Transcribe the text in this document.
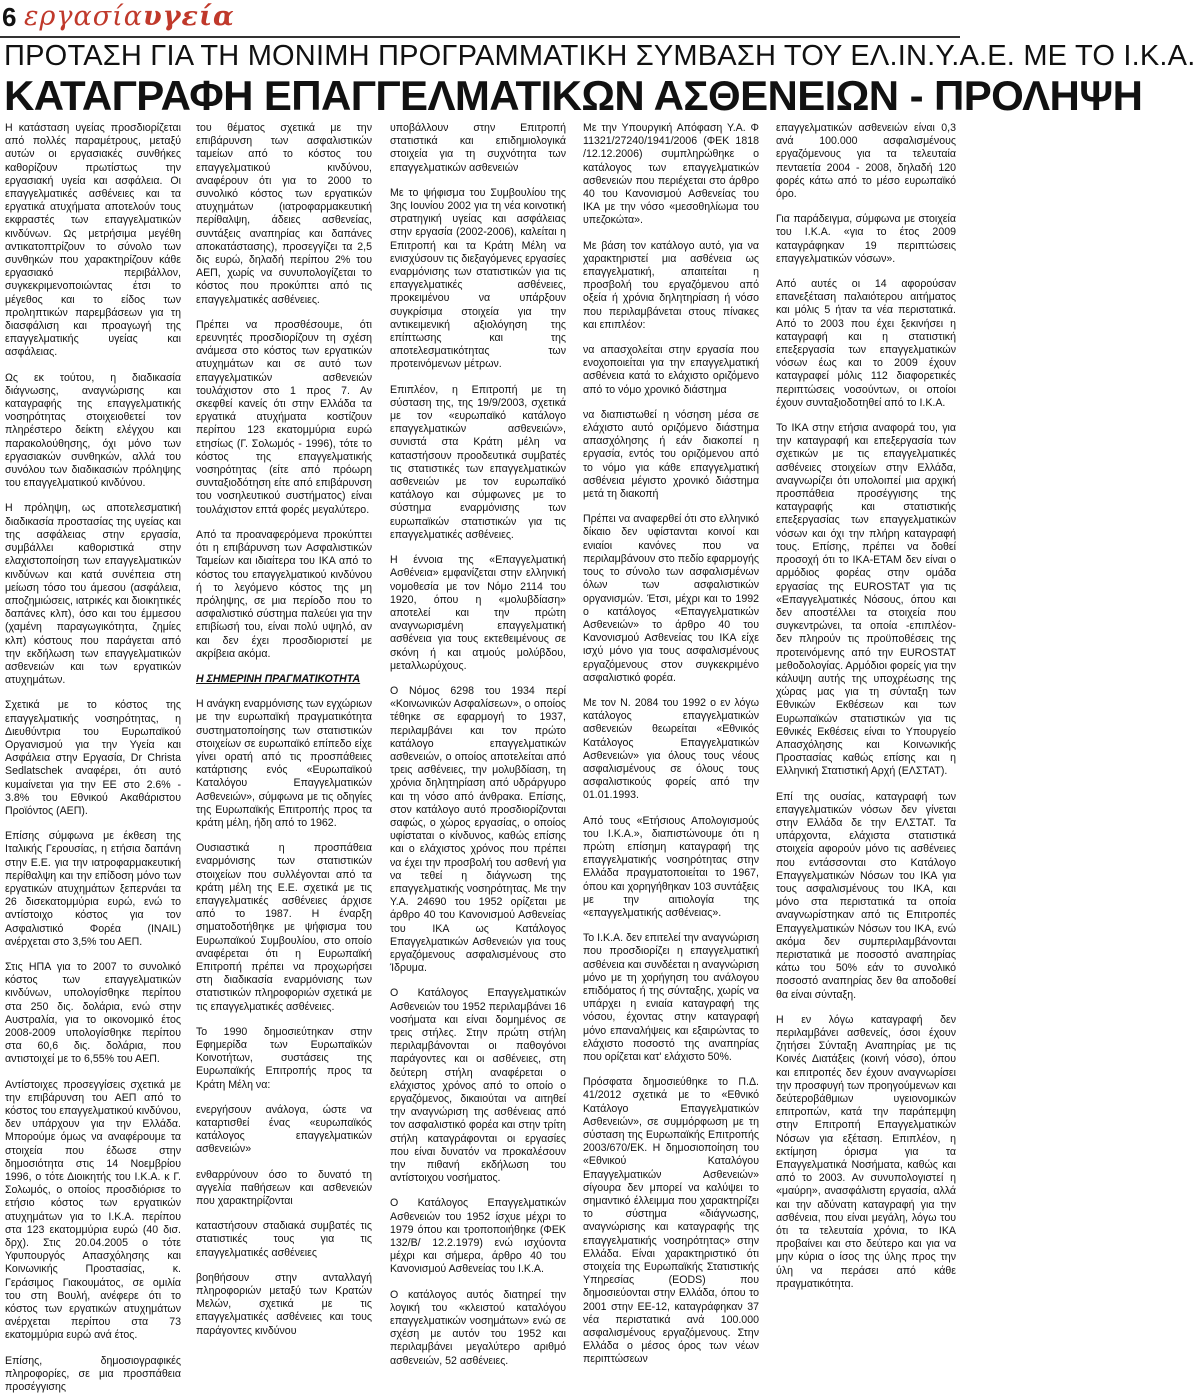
6 εργασίαυγεία
ΠΡΟΤΑΣΗ ΓΙΑ ΤΗ ΜΟΝΙΜΗ ΠΡΟΓΡΑΜΜΑΤΙΚΗ ΣΥΜΒΑΣΗ ΤΟΥ ΕΛ.ΙΝ.Υ.Α.Ε. ΜΕ ΤΟ Ι.Κ.Α.
ΚΑΤΑΓΡΑΦΗ ΕΠΑΓΓΕΛΜΑΤΙΚΩΝ ΑΣΘΕΝΕΙΩΝ - ΠΡΟΛΗΨΗ

Η κατάσταση υγείας προσδιορίζεται από πολλές παραμέτρους, μεταξύ αυτών οι εργασιακές συνθήκες καθορίζουν πρωτίστως την εργασιακή υγεία και ασφάλεια. Οι επαγγελματικές ασθένειες και τα εργατικά ατυχήματα αποτελούν τους εκφραστές των επαγγελματικών κινδύνων. Ως μετρήσιμα μεγέθη αντικατοπτρίζουν το σύνολο των συνθηκών που χαρακτηρίζουν κάθε εργασιακό περιβάλλον, συγκεκριμενοποιώντας έτσι το μέγεθος και το είδος των προληπτικών παρεμβάσεων για τη διασφάλιση και προαγωγή της επαγγελματικής υγείας και ασφάλειας.

Ως εκ τούτου, η διαδικασία διάγνωσης, αναγνώρισης και καταγραφής της επαγγελματικής νοσηρότητας στοιχειοθετεί τον πληρέστερο δείκτη ελέγχου και παρακολούθησης, όχι μόνο των εργασιακών συνθηκών, αλλά του συνόλου των διαδικασιών πρόληψης του επαγγελματικού κινδύνου.

Η πρόληψη, ως αποτελεσματική διαδικασία προστασίας της υγείας και της ασφάλειας στην εργασία, συμβάλλει καθοριστικά στην ελαχιστοποίηση των επαγγελματικών κινδύνων και κατά συνέπεια στη μείωση τόσο του άμεσου (ασφάλεια, αποζημιώσεις, ιατρικές και διοικητικές δαπάνες κλπ), όσο και του έμμεσου (χαμένη παραγωγικότητα, ζημίες κλπ) κόστους που παράγεται από την εκδήλωση των επαγγελματικών ασθενειών και των εργατικών ατυχημάτων.

Σχετικά με το κόστος της επαγγελματικής νοσηρότητας, η Διευθύντρια του Ευρωπαϊκού Οργανισμού για την Υγεία και Ασφάλεια στην Εργασία, Dr Christa Sedlatschek αναφέρει, ότι αυτό κυμαίνεται για την ΕΕ στο 2.6% - 3.8% του Εθνικού Ακαθάριστου Προϊόντος (ΑΕΠ).

Επίσης σύμφωνα με έκθεση της Ιταλικής Γερουσίας, η ετήσια δαπάνη στην Ε.Ε. για την ιατροφαρμακευτική περίθαλψη και την επίδοση μόνο των εργατικών ατυχημάτων ξεπερνάει τα 26 δισεκατομμύρια ευρώ, ενώ το αντίστοιχο κόστος για τον Ασφαλιστικό Φορέα (INAIL) ανέρχεται στο 3,5% του ΑΕΠ.

Στις ΗΠΑ για το 2007 το συνολικό κόστος των επαγγελματικών κινδύνων, υπολογίσθηκε περίπου στα 250 δις. δολάρια, ενώ στην Αυστραλία, για το οικονομικό έτος 2008-2009 υπολογίσθηκε περίπου στα 60,6 δις. δολάρια, που αντιστοιχεί με το 6,55% του ΑΕΠ.

Αντίστοιχες προσεγγίσεις σχετικά με την επιβάρυνση του ΑΕΠ από το κόστος του επαγγελματικού κινδύνου, δεν υπάρχουν για την Ελλάδα. Μπορούμε όμως να αναφέρουμε τα στοιχεία που έδωσε στην δημοσιότητα στις 14 Νοεμβρίου 1996, ο τότε Διοικητής του Ι.Κ.Α. κ Γ. Σολωμός, ο οποίος προσδιόρισε το ετήσιο κόστος των εργατικών ατυχημάτων για το Ι.Κ.Α. περίπου στα 123 εκατομμύρια ευρώ (40 δισ. δρχ). Στις 20.04.2005 ο τότε Υφυπουργός Απασχόλησης και Κοινωνικής Προστασίας, κ. Γεράσιμος Γιακουμάτος, σε ομιλία του στη Βουλή, ανέφερε ότι το κόστος των εργατικών ατυχημάτων ανέρχεται περίπου στα 73 εκατομμύρια ευρώ ανά έτος.

Επίσης, δημοσιογραφικές πληροφορίες, σε μια προσπάθεια προσέγγισης

του θέματος σχετικά με την επιβάρυνση των ασφαλιστικών ταμείων από το κόστος του επαγγελματικού κινδύνου, αναφέρουν ότι για το 2000 το συνολικό κόστος των εργατικών ατυχημάτων (ιατροφαρμακευτική περίθαλψη, άδειες ασθενείας, συντάξεις αναπηρίας και δαπάνες αποκατάστασης), προσεγγίζει τα 2,5 δις ευρώ, δηλαδή περίπου 2% του ΑΕΠ, χωρίς να συνυπολογίζεται το κόστος που προκύπτει από τις επαγγελματικές ασθένειες.

Πρέπει να προσθέσουμε, ότι ερευνητές προσδιορίζουν τη σχέση ανάμεσα στο κόστος των εργατικών ατυχημάτων και σε αυτό των επαγγελματικών ασθενειών τουλάχιστον στο 1 προς 7. Αν σκεφθεί κανείς ότι στην Ελλάδα τα εργατικά ατυχήματα κοστίζουν περίπου 123 εκατομμύρια ευρώ ετησίως (Γ. Σολωμός - 1996), τότε το κόστος της επαγγελματικής νοσηρότητας (είτε από πρόωρη συνταξιοδότηση είτε από επιβάρυνση του νοσηλευτικού συστήματος) είναι τουλάχιστον επτά φορές μεγαλύτερο.

Από τα προαναφερόμενα προκύπτει ότι η επιβάρυνση των Ασφαλιστικών Ταμείων και ιδιαίτερα του ΙΚΑ από το κόστος του επαγγελματικού κινδύνου ή το λεγόμενο κόστος της μη πρόληψης, σε μια περίοδο που το ασφαλιστικό σύστημα παλεύει για την επιβίωσή του, είναι πολύ υψηλό, αν και δεν έχει προσδιοριστεί με ακρίβεια ακόμα.

Η ΣΗΜΕΡΙΝΗ ΠΡΑΓΜΑΤΙΚΟΤΗΤΑ

Η ανάγκη εναρμόνισης των εγχώριων με την ευρωπαϊκή πραγματικότητα συστηματοποίησης των στατιστικών στοιχείων σε ευρωπαϊκό επίπεδο είχε γίνει ορατή από τις προσπάθειες κατάρτισης ενός «Ευρωπαϊκού Καταλόγου Επαγγελματικών Ασθενειών», σύμφωνα με τις οδηγίες της Ευρωπαϊκής Επιτροπής προς τα κράτη μέλη, ήδη από το 1962.

Ουσιαστικά η προσπάθεια εναρμόνισης των στατιστικών στοιχείων που συλλέγονται από τα κράτη μέλη της Ε.Ε. σχετικά με τις επαγγελματικές ασθένειες άρχισε από το 1987. Η έναρξη σηματοδοτήθηκε με ψήφισμα του Ευρωπαϊκού Συμβουλίου, στο οποίο αναφέρεται ότι η Ευρωπαϊκή Επιτροπή πρέπει να προχωρήσει στη διαδικασία εναρμόνισης των στατιστικών πληροφοριών σχετικά με τις επαγγελματικές ασθένειες.

Το 1990 δημοσιεύτηκαν στην Εφημερίδα των Ευρωπαϊκών Κοινοτήτων, συστάσεις της Ευρωπαϊκής Επιτροπής προς τα Κράτη Μέλη να:

ενεργήσουν ανάλογα, ώστε να καταρτισθεί ένας «ευρωπαϊκός κατάλογος επαγγελματικών ασθενειών»

ενθαρρύνουν όσο το δυνατό τη αγγελία παθήσεων και ασθενειών που χαρακτηρίζονται

καταστήσουν σταδιακά συμβατές τις στατιστικές τους για τις επαγγελματικές ασθένειες

βοηθήσουν στην ανταλλαγή πληροφοριών μεταξύ των Κρατών Μελών, σχετικά με τις επαγγελματικές ασθένειες και τους παράγοντες κινδύνου

υποβάλλουν στην Επιτροπή στατιστικά και επιδημιολογικά στοιχεία για τη συχνότητα των επαγγελματικών ασθενειών

Με το ψήφισμα του Συμβουλίου της 3ης Ιουνίου 2002 για τη νέα κοινοτική στρατηγική υγείας και ασφάλειας στην εργασία (2002-2006), καλείται η Επιτροπή και τα Κράτη Μέλη να ενισχύσουν τις διεξαγόμενες εργασίες εναρμόνισης των στατιστικών για τις επαγγελματικές ασθένειες, προκειμένου να υπάρξουν συγκρίσιμα στοιχεία για την αντικειμενική αξιολόγηση της επίπτωσης και της αποτελεσματικότητας των προτεινόμενων μέτρων.

Επιπλέον, η Επιτροπή με τη σύσταση της, της 19/9/2003, σχετικά με τον «ευρωπαϊκό κατάλογο επαγγελματικών ασθενειών», συνιστά στα Κράτη μέλη να καταστήσουν προοδευτικά συμβατές τις στατιστικές των επαγγελματικών ασθενειών με τον ευρωπαϊκό κατάλογο και σύμφωνες με το σύστημα εναρμόνισης των ευρωπαϊκών στατιστικών για τις επαγγελματικές ασθένειες.

Η έννοια της «Επαγγελματική Ασθένεια» εμφανίζεται στην ελληνική νομοθεσία με τον Νόμο 2114 του 1920, όπου η «μολυβδίαση» αποτελεί και την πρώτη αναγνωρισμένη επαγγελματική ασθένεια για τους εκτεθειμένους σε σκόνη ή και ατμούς μολύβδου, μεταλλωρύχους.

Ο Νόμος 6298 του 1934 περί «Κοινωνικών Ασφαλίσεων», ο οποίος τέθηκε σε εφαρμογή το 1937, περιλαμβάνει και τον πρώτο κατάλογο επαγγελματικών ασθενειών, ο οποίος αποτελείται από τρεις ασθένειες, την μολυβδίαση, τη χρόνια δηλητηρίαση από υδράργυρο και τη νόσο από άνθρακα. Επίσης, στον κατάλογο αυτό προσδιορίζονται σαφώς, ο χώρος εργασίας, ο οποίος υφίσταται ο κίνδυνος, καθώς επίσης και ο ελάχιστος χρόνος που πρέπει να έχει την προσβολή του ασθενή για να τεθεί η διάγνωση της επαγγελματικής νοσηρότητας. Με την Υ.Α. 24690 του 1952 ορίζεται με άρθρο 40 του Κανονισμού Ασθενείας του ΙΚΑ ως Κατάλογος Επαγγελματικών Ασθενειών για τους εργαζόμενους ασφαλισμένους στο Ίδρυμα.

Ο Κατάλογος Επαγγελματικών Ασθενειών του 1952 περιλαμβάνει 16 νοσήματα και είναι δομημένος σε τρεις στήλες. Στην πρώτη στήλη περιλαμβάνονται οι παθογόνοι παράγοντες και οι ασθένειες, στη δεύτερη στήλη αναφέρεται ο ελάχιστος χρόνος από το οποίο ο εργαζόμενος, δικαιούται να αιτηθεί την αναγνώριση της ασθένειας από τον ασφαλιστικό φορέα και στην τρίτη στήλη καταγράφονται οι εργασίες που είναι δυνατόν να προκαλέσουν την πιθανή εκδήλωση του αντίστοιχου νοσήματος.

Ο Κατάλογος Επαγγελματικών Ασθενειών του 1952 ίσχυε μέχρι το 1979 όπου και τροποποιήθηκε (ΦΕΚ 132/Β/ 12.2.1979) ενώ ισχύοντα μέχρι και σήμερα, άρθρο 40 του Κανονισμού Ασθενείας του Ι.Κ.Α.

Ο κατάλογος αυτός διατηρεί την λογική του «κλειστού καταλόγου επαγγελματικών νοσημάτων» ενώ σε σχέση με αυτόν του 1952 και περιλαμβάνει μεγαλύτερο αριθμό ασθενειών, 52 ασθένειες.

Με την Υπουργική Απόφαση Υ.Α. Φ 11321/27240/1941/2006 (ΦΕΚ 1818 /12.12.2006) συμπληρώθηκε ο κατάλογος των επαγγελματικών ασθενειών που περιέχεται στο άρθρο 40 του Κανονισμού Ασθενείας του ΙΚΑ με την νόσο «μεσοθηλίωμα του υπεζοκώτα».

Με βάση τον κατάλογο αυτό, για να χαρακτηριστεί μια ασθένεια ως επαγγελματική, απαιτείται η προσβολή του εργαζόμενου από οξεία ή χρόνια δηλητηρίαση ή νόσο που περιλαμβάνεται στους πίνακες και επιπλέον:

να απασχολείται στην εργασία που ενοχοποιείται για την επαγγελματική ασθένεια κατά το ελάχιστο οριζόμενο από το νόμο χρονικό διάστημα

να διαπιστωθεί η νόσηση μέσα σε ελάχιστο αυτό οριζόμενο διάστημα απασχόλησης ή εάν διακοπεί η εργασία, εντός του οριζόμενου από το νόμο για κάθε επαγγελματική ασθένεια μέγιστο χρονικό διάστημα μετά τη διακοπή

Πρέπει να αναφερθεί ότι στο ελληνικό δίκαιο δεν υφίστανται κοινοί και ενιαίοι κανόνες που να περιλαμβάνουν στο πεδίο εφαρμογής τους το σύνολο των ασφαλισμένων όλων των ασφαλιστικών οργανισμών. Έτσι, μέχρι και το 1992 ο κατάλογος «Επαγγελματικών Ασθενειών» το άρθρο 40 του Κανονισμού Ασθενείας του ΙΚΑ είχε ισχύ μόνο για τους ασφαλισμένους εργαζόμενους στον συγκεκριμένο ασφαλιστικό φορέα.

Με τον Ν. 2084 του 1992 ο εν λόγω κατάλογος επαγγελματικών ασθενειών θεωρείται «Εθνικός Κατάλογος Επαγγελματικών Ασθενειών» για όλους τους νέους ασφαλισμένους σε όλους τους ασφαλιστικούς φορείς από την 01.01.1993.

Από τους «Ετήσιους Απολογισμούς του Ι.Κ.Α.», διαπιστώνουμε ότι η πρώτη επίσημη καταγραφή της επαγγελματικής νοσηρότητας στην Ελλάδα πραγματοποιείται το 1967, όπου και χορηγήθηκαν 103 συντάξεις με την αιτιολογία της «επαγγελματικής ασθένειας».

Το Ι.Κ.Α. δεν επιτελεί την αναγνώριση που προσδιορίζει η επαγγελματική ασθένεια και συνδέεται η αναγνώριση μόνο με τη χορήγηση του ανάλογου επιδόματος ή της σύνταξης, χωρίς να υπάρχει η ενιαία καταγραφή της νόσου, έχοντας στην καταγραφή μόνο επαναλήψεις και εξαιρώντας το ελάχιστο ποσοστό της αναπηρίας που ορίζεται κατ' ελάχιστο 50%.

Πρόσφατα δημοσιεύθηκε το Π.Δ. 41/2012 σχετικά με το «Εθνικό Κατάλογο Επαγγελματικών Ασθενειών», σε συμμόρφωση με τη σύσταση της Ευρωπαϊκής Επιτροπής 2003/670/ΕΚ. Η δημοσιοποίηση του «Εθνικού Καταλόγου Επαγγελματικών Ασθενειών» σίγουρα δεν μπορεί να καλύψει το σημαντικό έλλειμμα που χαρακτηρίζει το σύστημα «διάγνωσης, αναγνώρισης και καταγραφής της επαγγελματικής νοσηρότητας» στην Ελλάδα. Είναι χαρακτηριστικό ότι στοιχεία της Ευρωπαϊκής Στατιστικής Υπηρεσίας (EODS) που δημοσιεύονται στην Ελλάδα, όπου το 2001 στην ΕΕ-12, καταγράφηκαν 37 νέα περιστατικά ανά 100.000 ασφαλισμένους εργαζόμενους. Στην Ελλάδα ο μέσος όρος των νέων περιπτώσεων

επαγγελματικών ασθενειών είναι 0,3 ανά 100.000 ασφαλισμένους εργαζόμενους για τα τελευταία πενταετία 2004 - 2008, δηλαδή 120 φορές κάτω από το μέσο ευρωπαϊκό όρο.

Για παράδειγμα, σύμφωνα με στοιχεία του Ι.Κ.Α. «για το έτος 2009 καταγράφηκαν 19 περιπτώσεις επαγγελματικών νόσων».

Από αυτές οι 14 αφορούσαν επανεξέταση παλαιότερου αιτήματος και μόλις 5 ήταν τα νέα περιστατικά. Από το 2003 που έχει ξεκινήσει η καταγραφή και η στατιστική επεξεργασία των επαγγελματικών νόσων έως και το 2009 έχουν καταγραφεί μόλις 112 διαφορετικές περιπτώσεις νοσούντων, οι οποίοι έχουν συνταξιοδοτηθεί από το Ι.Κ.Α.

Το ΙΚΑ στην ετήσια αναφορά του, για την καταγραφή και επεξεργασία των σχετικών με τις επαγγελματικές ασθένειες στοιχείων στην Ελλάδα, αναγνωρίζει ότι υπολοιπεί μια αρχική προσπάθεια προσέγγισης της καταγραφής και στατιστικής επεξεργασίας των επαγγελματικών νόσων και όχι την πλήρη καταγραφή τους. Επίσης, πρέπει να δοθεί προσοχή ότι το ΙΚΑ-ΕΤΑΜ δεν είναι ο αρμόδιος φορέας στην ομάδα εργασίας της EUROSTAT για τις «Επαγγελματικές Νόσους, όπου και δεν αποστέλλει τα στοιχεία που συγκεντρώνει, τα οποία -επιπλέον- δεν πληρούν τις προϋποθέσεις της προτεινόμενης από την EUROSTAT μεθοδολογίας. Αρμόδιοι φορείς για την κάλυψη αυτής της υποχρέωσης της χώρας μας για τη σύνταξη των Εθνικών Εκθέσεων και των Ευρωπαϊκών στατιστικών για τις Εθνικές Εκθέσεις είναι το Υπουργείο Απασχόλησης και Κοινωνικής Προστασίας καθώς επίσης και η Ελληνική Στατιστική Αρχή (ΕΛΣΤΑΤ).

Επί της ουσίας, καταγραφή των επαγγελματικών νόσων δεν γίνεται στην Ελλάδα δε την ΕΛΣΤΑΤ. Τα υπάρχοντα, ελάχιστα στατιστικά στοιχεία αφορούν μόνο τις ασθένειες που εντάσσονται στο Κατάλογο Επαγγελματικών Νόσων του ΙΚΑ για τους ασφαλισμένους του ΙΚΑ, και μόνο στα περιστατικά τα οποία αναγνωρίστηκαν από τις Επιτροπές Επαγγελματικών Νόσων του ΙΚΑ, ενώ ακόμα δεν συμπεριλαμβάνονται περιστατικά με ποσοστό αναπηρίας κάτω του 50% εάν το συνολικό ποσοστό αναπηρίας δεν θα αποδοθεί θα είναι σύνταξη.

Η εν λόγω καταγραφή δεν περιλαμβάνει ασθενείς, όσοι έχουν ζητήσει Σύνταξη Αναπηρίας με τις Κοινές Διατάξεις (κοινή νόσο), όπου και επιτροπές δεν έχουν αναγνωρίσει την προσφυγή των προηγούμενων και δεύτεροβάθμιων υγειονομικών επιτροπών, κατά την παράπεμψη στην Επιτροπή Επαγγελματικών Νόσων για εξέταση. Επιπλέον, η εκτίμηση όρισμα για τα Επαγγελματικά Νοσήματα, καθώς και από το 2003. Αν συνυπολογιστεί η «μαύρη», ανασφάλιστη εργασία, αλλά και την αδύνατη καταγραφή για την ασθένεια, που είναι μεγάλη, λόγω του ότι τα τελευταία χρόνια, το ΙΚΑ προβαίνει και στο δεύτερο και για να μην κύρια ο ίσος της ύλης προς την ύλη να περάσει από κάθε πραγματικότητα.
